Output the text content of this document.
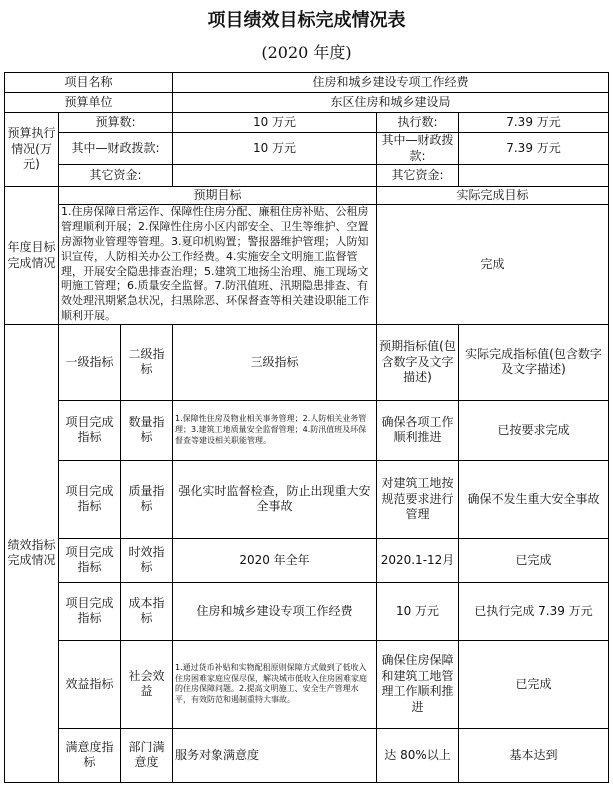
项目绩效目标完成情况表
(2020 年度)
项目名称			住房和城乡建设专项工作经费		
预算单位			东区住房和城乡建设局		
预算执行情况(万元)	预算数:		10 万元	执行数:	7.39 万元
	其中—财政拨款:		10 万元	其中—财政拨款:	7.39 万元
	其它资金:			其它资金:	
年度目标完成情况	预期目标			实际完成目标	
	1.住房保障日常运作、保障性住房分配、廉租住房补贴、公租房管理顺利开展；2.保障性住房小区内部安全、卫生等维护、空置房源物业管理等管理。3.夏印机购置；警报器维护管理；人防知识宣传，人防相关办公工作经费。4.实施安全文明施工监督管理，开展安全隐患排查治理；5.建筑工地扬尘治理、施工现场文明施工管理；6.质量安全监督。7.防汛值班、汛期隐患排查、有效处理汛期紧急状况，扫黑除恶、环保督查等相关建设职能工作顺利开展。			完成	
绩效指标完成情况	一级指标	二级指标	三级指标	预期指标值(包含数字及文字描述)	实际完成指标值(包含数字及文字描述)
	项目完成指标	数量指标	1.保障性住房及物业相关事务管理；2.人防相关业务管理；3.建筑工地质量安全监督管理；4.防汛值班及环保督查等建设相关职能管理。	确保各项工作顺利推进	已按要求完成
	项目完成指标	质量指标	强化实时监督检查，防止出现重大安全事故	对建筑工地按规范要求进行管理	确保不发生重大安全事故
	项目完成指标	时效指标	2020 年全年	2020.1-12月	已完成
	项目完成指标	成本指标	住房和城乡建设专项工作经费	10 万元	已执行完成 7.39 万元
	效益指标	社会效益	1.通过货币补贴和实物配租原则保障方式做到了低收入住房困难家庭应保尽保，解决城市低收入住房困难家庭的住房保障问题。2.提高文明施工、安全生产管理水平，有效防范和遏制重特大事故。	确保住房保障和建筑工地管理工作顺利推进	已完成
	满意度指标	部门满意度	服务对象满意度	达 80%以上	基本达到
